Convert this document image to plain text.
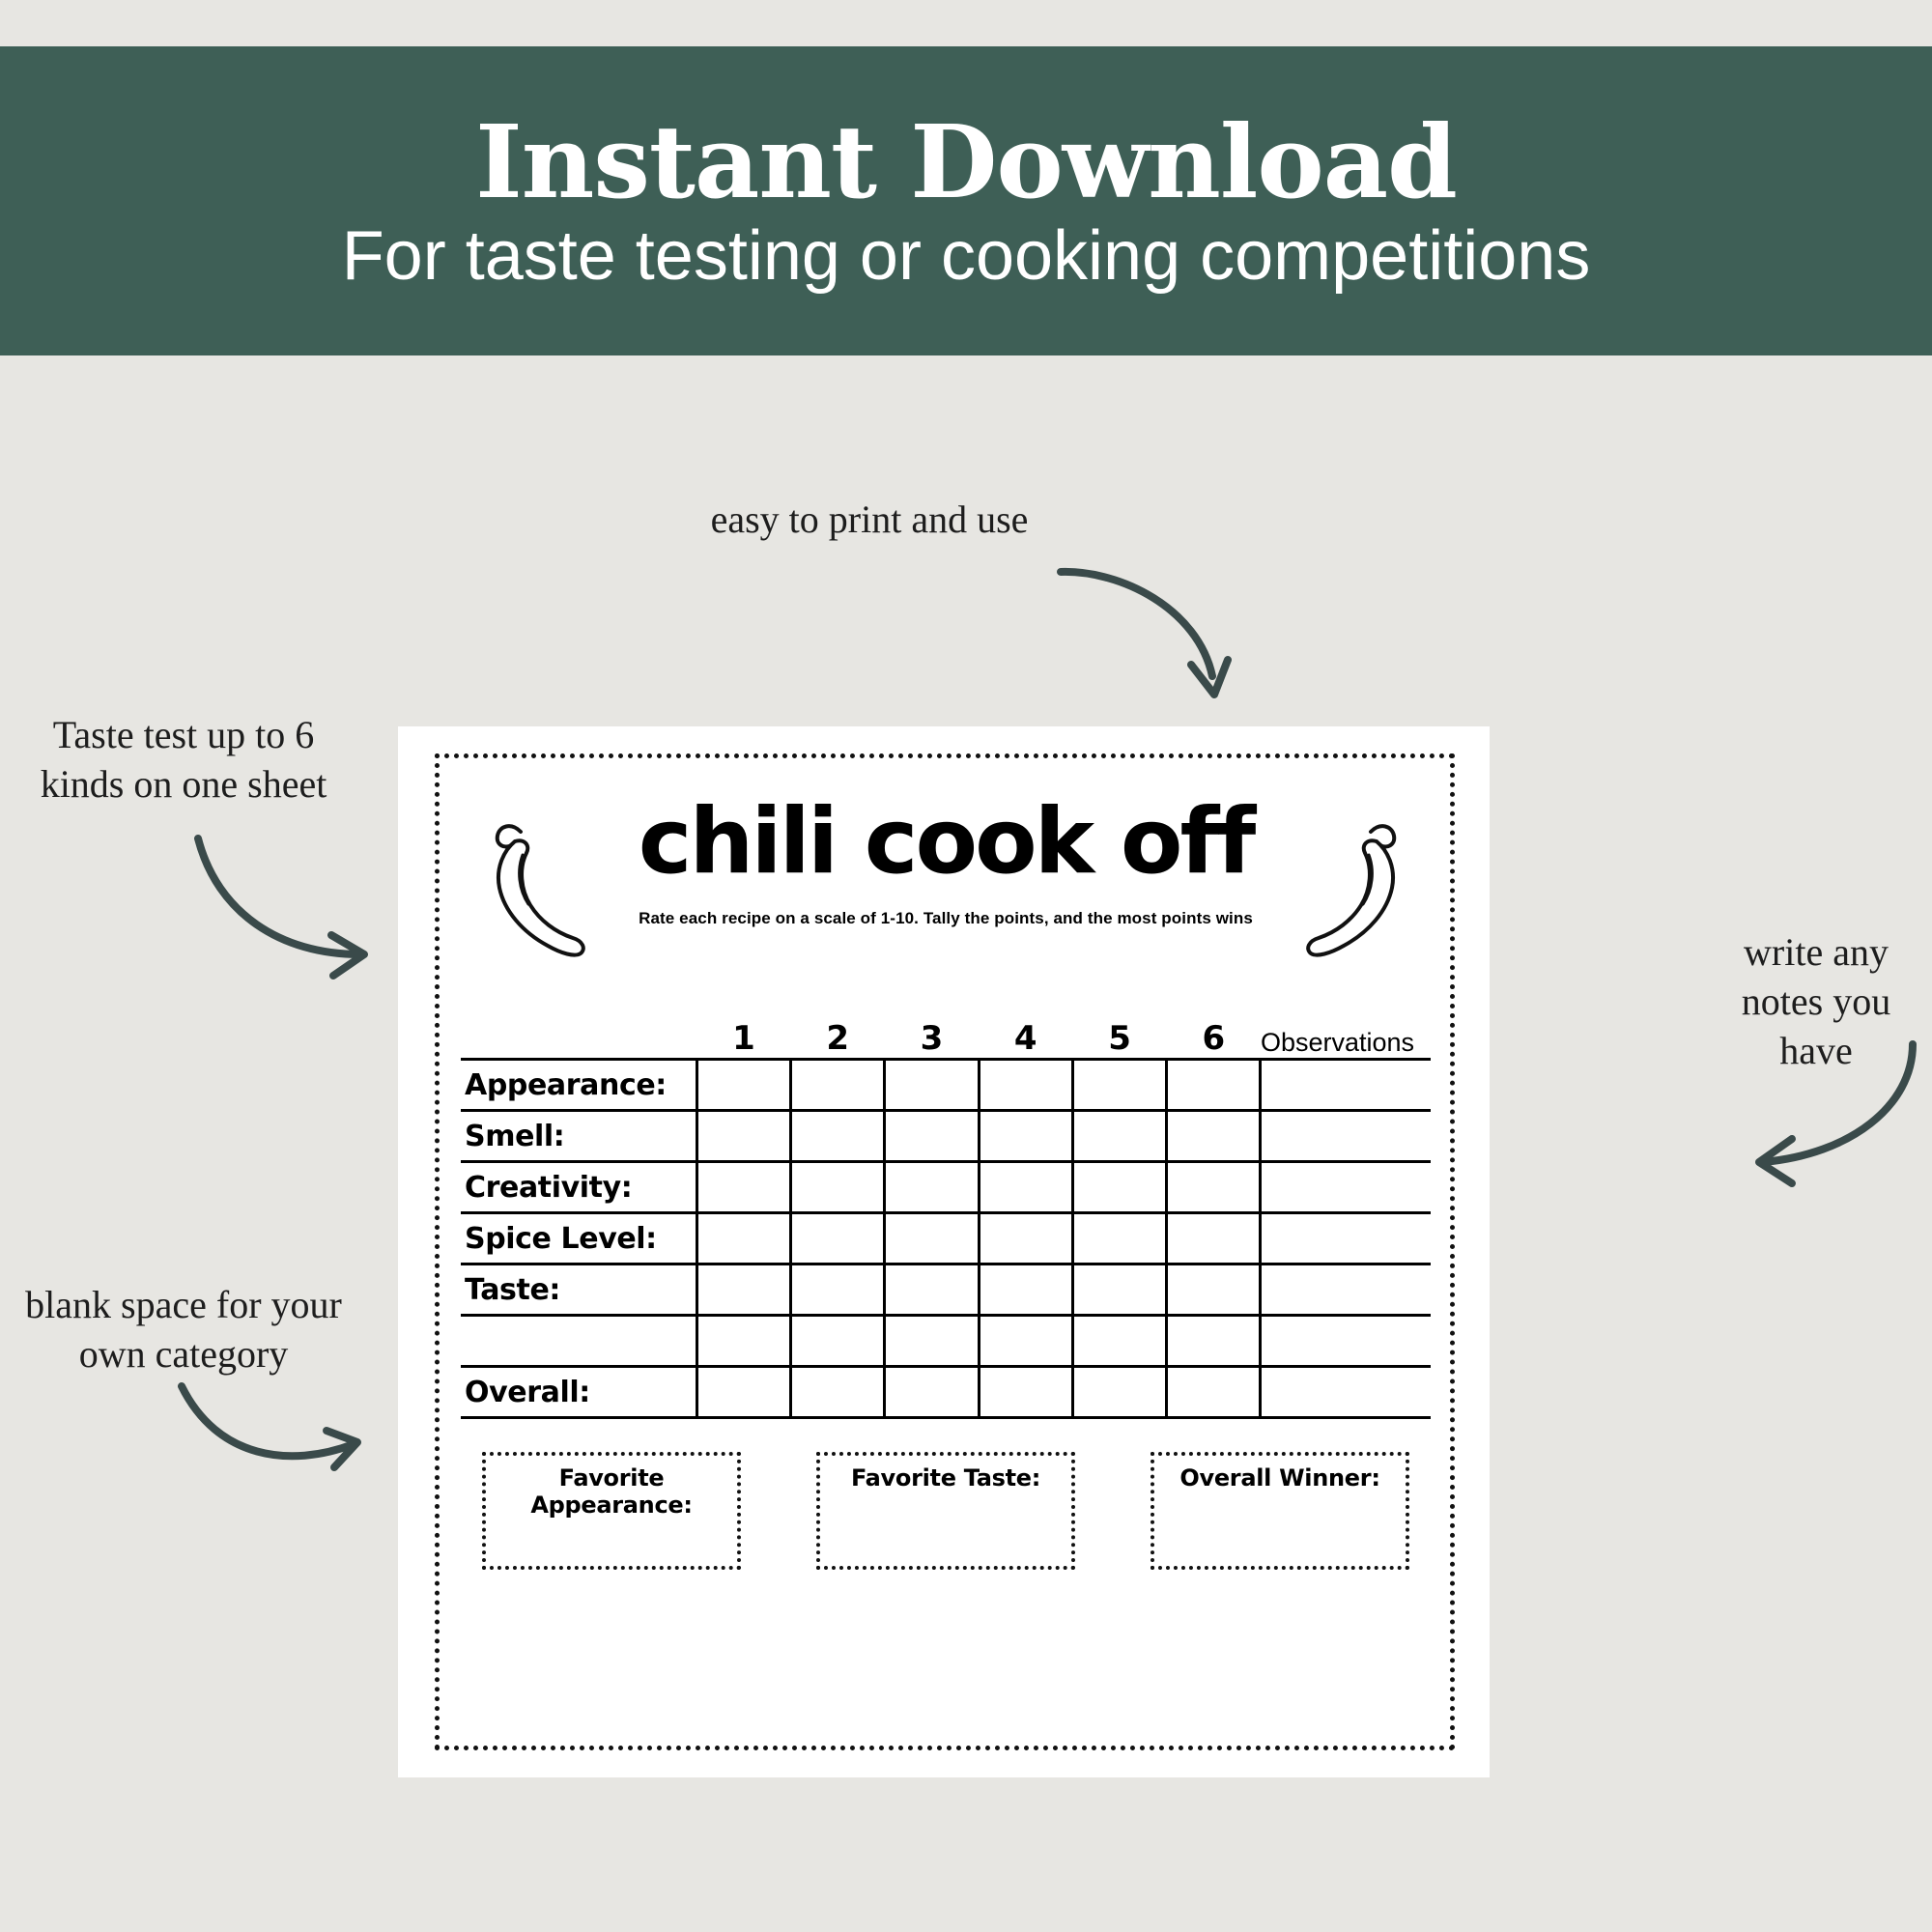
Instant Download
For taste testing or cooking competitions
easy to print and use
Taste test up to 6 kinds on one sheet
blank space for your own category
write any notes you have
chili cook off
Rate each recipe on a scale of 1-10. Tally the points, and the most points wins
	1	2	3	4	5	6	Observations
Appearance:							
Smell:							
Creativity:							
Spice Level:							
Taste:							

Overall:							
Favorite Appearance:
Favorite Taste:	Overall Winner:
